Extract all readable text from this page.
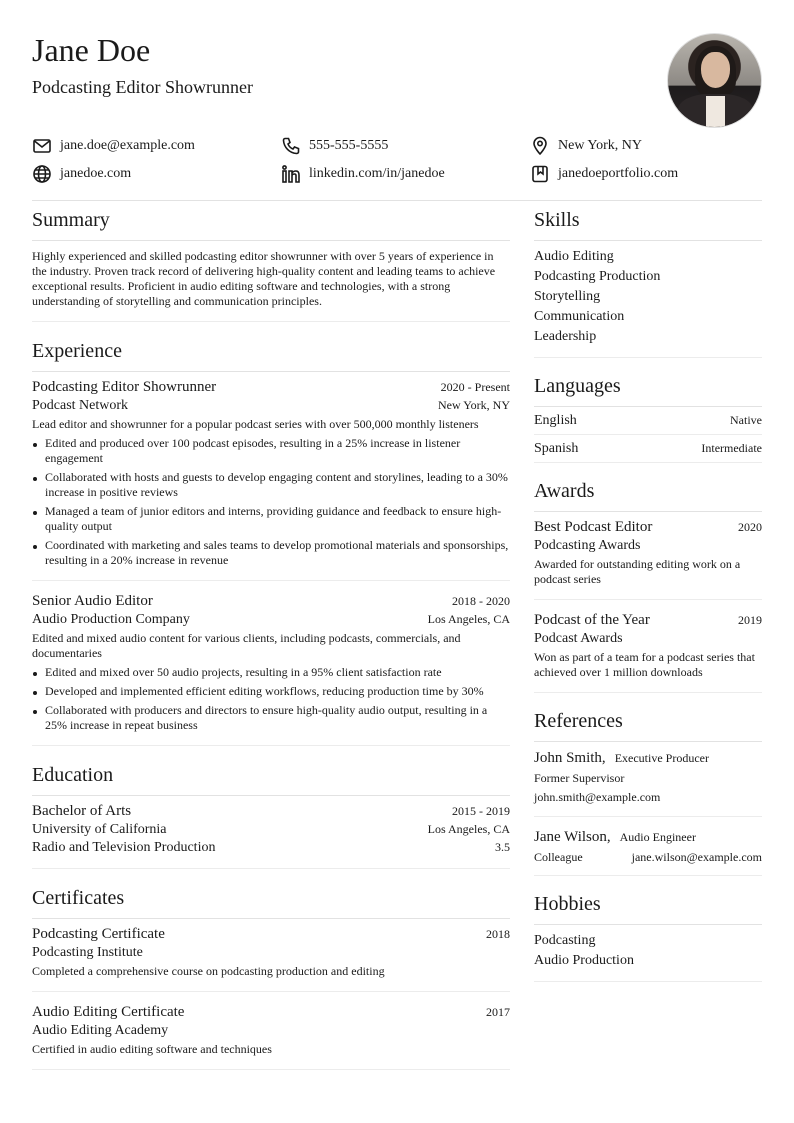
Jane Doe
Podcasting Editor Showrunner
jane.doe@example.com	555-555-5555	New York, NY
janedoe.com	linkedin.com/in/janedoe	janedoeportfolio.com
Summary
Highly experienced and skilled podcasting editor showrunner with over 5 years of experience in the industry. Proven track record of delivering high-quality content and leading teams to achieve exceptional results. Proficient in audio editing software and technologies, with a strong understanding of storytelling and communication principles.
Experience
Podcasting Editor Showrunner	2020 - Present
Podcast Network	New York, NY
Lead editor and showrunner for a popular podcast series with over 500,000 monthly listeners
Edited and produced over 100 podcast episodes, resulting in a 25% increase in listener engagement
Collaborated with hosts and guests to develop engaging content and storylines, leading to a 30% increase in positive reviews
Managed a team of junior editors and interns, providing guidance and feedback to ensure high-quality output
Coordinated with marketing and sales teams to develop promotional materials and sponsorships, resulting in a 20% increase in revenue
Senior Audio Editor	2018 - 2020
Audio Production Company	Los Angeles, CA
Edited and mixed audio content for various clients, including podcasts, commercials, and documentaries
Edited and mixed over 50 audio projects, resulting in a 95% client satisfaction rate
Developed and implemented efficient editing workflows, reducing production time by 30%
Collaborated with producers and directors to ensure high-quality audio output, resulting in a 25% increase in repeat business
Education
Bachelor of Arts	2015 - 2019
University of California	Los Angeles, CA
Radio and Television Production	3.5
Certificates
Podcasting Certificate	2018
Podcasting Institute
Completed a comprehensive course on podcasting production and editing
Audio Editing Certificate	2017
Audio Editing Academy
Certified in audio editing software and techniques
Skills
Audio Editing
Podcasting Production
Storytelling
Communication
Leadership
Languages
English	Native
Spanish	Intermediate
Awards
Best Podcast Editor	2020
Podcasting Awards
Awarded for outstanding editing work on a podcast series
Podcast of the Year	2019
Podcast Awards
Won as part of a team for a podcast series that achieved over 1 million downloads
References
John Smith, Executive Producer
Former Supervisor
john.smith@example.com
Jane Wilson, Audio Engineer
Colleague	jane.wilson@example.com
Hobbies
Podcasting
Audio Production
